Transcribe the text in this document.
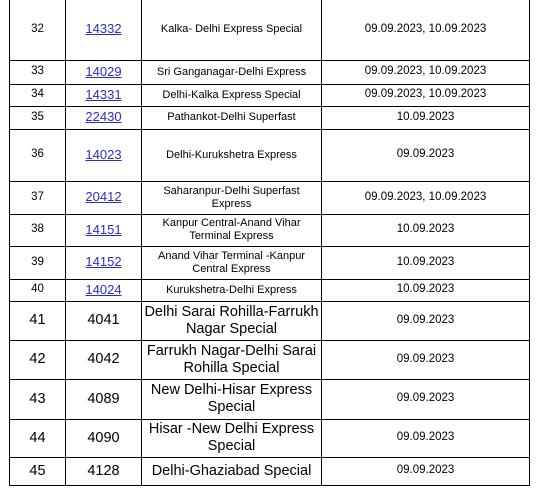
32	14332	Kalka- Delhi Express Special	09.09.2023, 10.09.2023
33	14029	Sri Ganganagar-Delhi Express	09.09.2023, 10.09.2023
34	14331	Delhi-Kalka Express Special	09.09.2023, 10.09.2023
35	22430	Pathankot-Delhi Superfast	10.09.2023
36	14023	Delhi-Kurukshetra Express	09.09.2023
37	20412	Saharanpur-Delhi Superfast Express	09.09.2023, 10.09.2023
38	14151	Kanpur Central-Anand Vihar Terminal Express	10.09.2023
39	14152	Anand Vihar Terminal -Kanpur Central Express	10.09.2023
40	14024	Kurukshetra-Delhi Express	10.09.2023
41	4041	Delhi Sarai Rohilla-Farrukh Nagar Special	09.09.2023
42	4042	Farrukh Nagar-Delhi Sarai Rohilla Special	09.09.2023
43	4089	New Delhi-Hisar Express Special	09.09.2023
44	4090	Hisar -New Delhi Express Special	09.09.2023
45	4128	Delhi-Ghaziabad Special	09.09.2023
